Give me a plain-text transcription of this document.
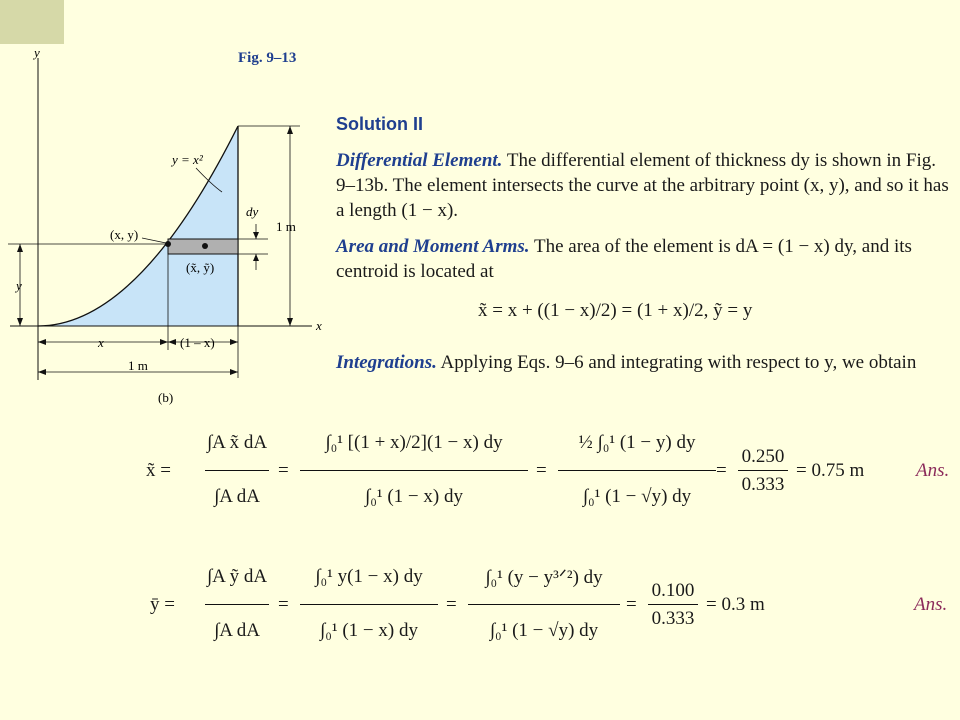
Fig. 9–13
y
x
y = x²
(x, y)
(x̃, ỹ)
dy
1 m
y
x	(1 – x)
1 m
(b)
Solution II
Differential Element. The differential element of thickness dy is shown in Fig. 9–13b. The element intersects the curve at the arbitrary point (x, y), and so it has a length (1 − x).
Area and Moment Arms. The area of the element is dA = (1 − x) dy, and its centroid is located at
x̃ = x + ((1 − x)/2) = (1 + x)/2, ỹ = y
Integrations. Applying Eqs. 9–6 and integrating with respect to y, we obtain
x̃ =
∫A x̃ dA
∫A dA
=
∫₀¹ [(1 + x)/2](1 − x) dy
∫₀¹ (1 − x) dy
=
½ ∫₀¹ (1 − y) dy
∫₀¹ (1 − √y) dy
=
0.250
0.333
= 0.75 m	Ans.
ȳ =
∫A ỹ dA
∫A dA
=
∫₀¹ y(1 − x) dy
∫₀¹ (1 − x) dy
=
∫₀¹ (y − y³ᐟ²) dy
∫₀¹ (1 − √y) dy
=
0.100
0.333
= 0.3 m	Ans.
